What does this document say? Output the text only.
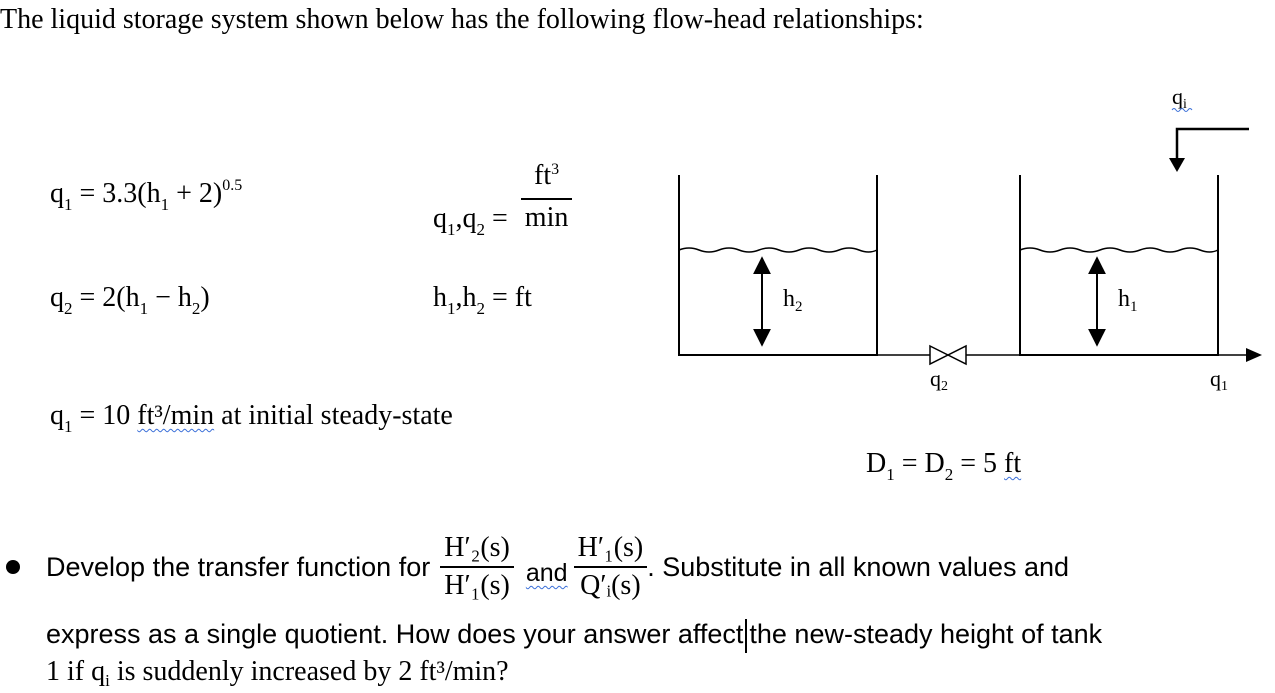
The liquid storage system shown below has the following flow-head relationships:
$q_1 = 3.3(h_1 + 2)^{0.5}$
$q_2 = 2(h_1 - h_2)$
$q_1,q_2 = \frac{ft^3}{\min}$
$h_1,h_2$ = ft
$q_1 = 10$ ft³/min at initial steady-state
$D_1 = D_2 = 5$ ft
qi
$h_2$
q2
$h_1$
q1
Develop the transfer function for $\frac{\text{H′₂(s)}}{\text{H′₁(s)}}$ and $\frac{\text{H′₁(s)}}{\text{Q′ᵢ(s)}}$ . Substitute in all known values and
express as a single quotient. How does your answer affect the new-steady height of tank
1 if $q_i$ is suddenly increased by 2 ft³/min?
